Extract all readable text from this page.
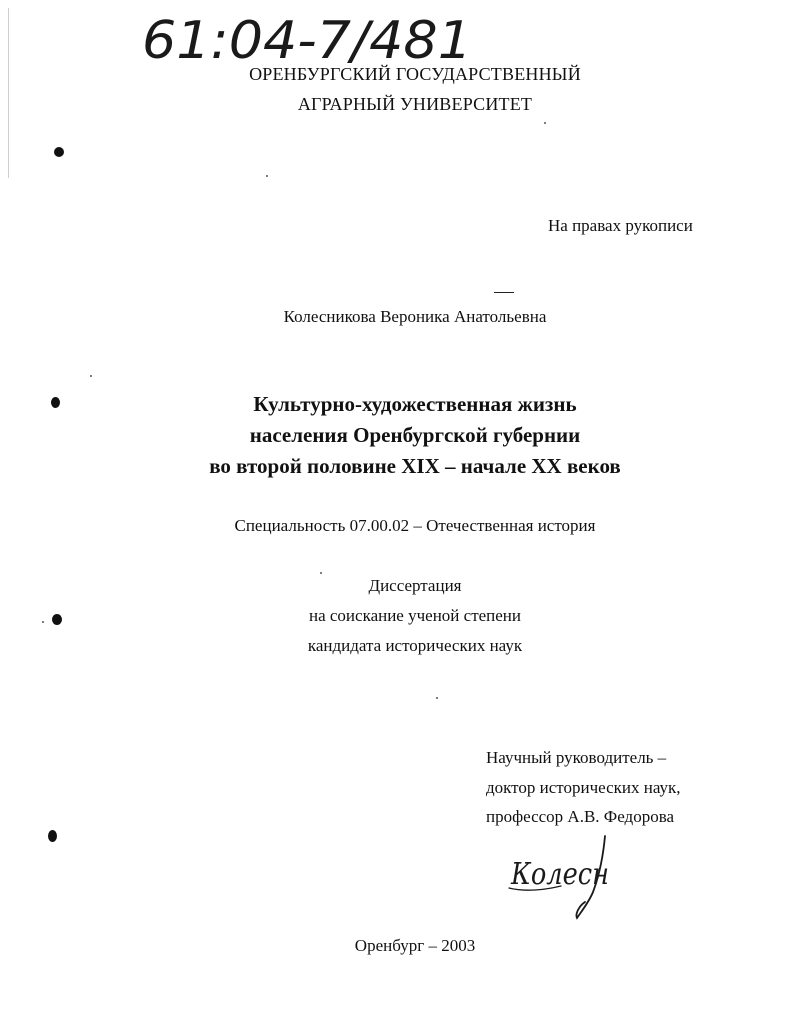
61:04-7/481
ОРЕНБУРГСКИЙ ГОСУДАРСТВЕННЫЙ
АГРАРНЫЙ УНИВЕРСИТЕТ
На правах рукописи
Колесникова Вероника Анатольевна
Культурно-художественная жизнь
населения Оренбургской губернии
во второй половине XIX – начале XX веков
Специальность 07.00.02 – Отечественная история
Диссертация
на соискание ученой степени
кандидата исторических наук
Научный руководитель –
доктор исторических наук,
профессор А.В. Федорова
Колесн
Оренбург – 2003
